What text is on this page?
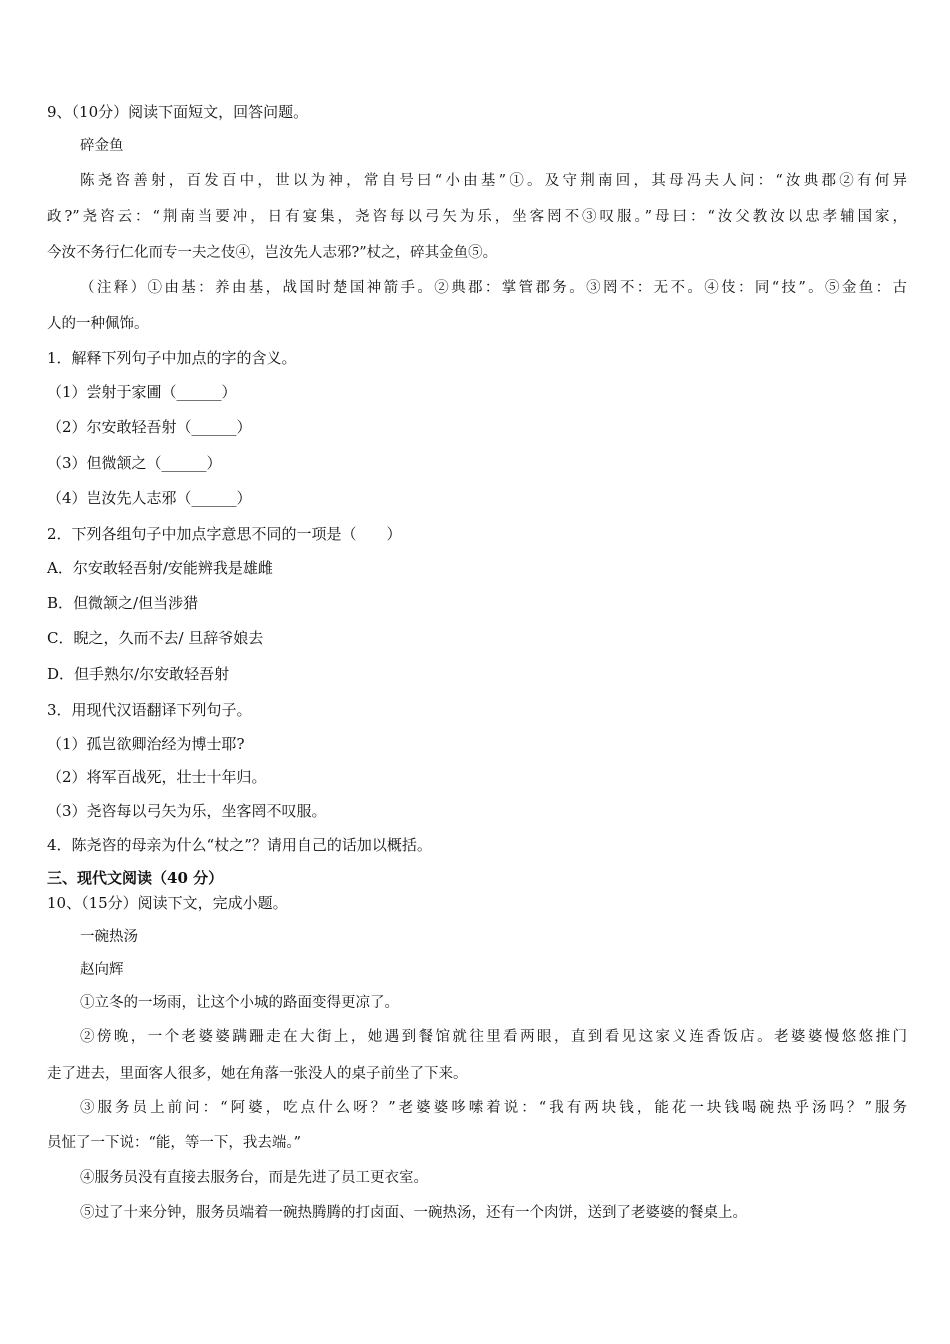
9、（10分）阅读下面短文，回答问题。

碎金鱼

陈尧咨善射，百发百中，世以为神，常自号曰“小由基”①。及守荆南回，其母冯夫人问：“汝典郡②有何异

政?”尧咨云：“荆南当要冲，日有宴集，尧咨每以弓矢为乐，坐客罔不③叹服。”母曰：“汝父教汝以忠孝辅国家，

今汝不务行仁化而专一夫之伎④，岂汝先人志邪?”杖之，碎其金鱼⑤。

（注释）①由基：养由基，战国时楚国神箭手。②典郡：掌管郡务。③罔不：无不。④伎：同“技”。⑤金鱼：古

人的一种佩饰。

1．解释下列句子中加点的字的含义。

（1）尝射于家圃（______）

（2）尔安敢轻吾射（______）

（3）但微颔之（______）

（4）岂汝先人志邪（______）

2．下列各组句子中加点字意思不同的一项是（　　）

A．尔安敢轻吾射/安能辨我是雄雌

B．但微颔之/但当涉猎

C．睨之，久而不去/ 旦辞爷娘去

D．但手熟尔/尔安敢轻吾射

3．用现代汉语翻译下列句子。

（1）孤岂欲卿治经为博士耶?

（2）将军百战死，壮士十年归。

（3）尧咨每以弓矢为乐，坐客罔不叹服。

4．陈尧咨的母亲为什么“杖之”？请用自己的话加以概括。

三、现代文阅读（40 分）

10、（15分）阅读下文，完成小题。

一碗热汤

赵向辉

①立冬的一场雨，让这个小城的路面变得更凉了。

②傍晚，一个老婆婆蹒跚走在大街上，她遇到餐馆就往里看两眼，直到看见这家义连香饭店。老婆婆慢悠悠推门

走了进去，里面客人很多，她在角落一张没人的桌子前坐了下来。

③服务员上前问：“阿婆，吃点什么呀？”老婆婆哆嗦着说：“我有两块钱，能花一块钱喝碗热乎汤吗？”服务

员怔了一下说：“能，等一下，我去端。”

④服务员没有直接去服务台，而是先进了员工更衣室。

⑤过了十来分钟，服务员端着一碗热腾腾的打卤面、一碗热汤，还有一个肉饼，送到了老婆婆的餐桌上。
